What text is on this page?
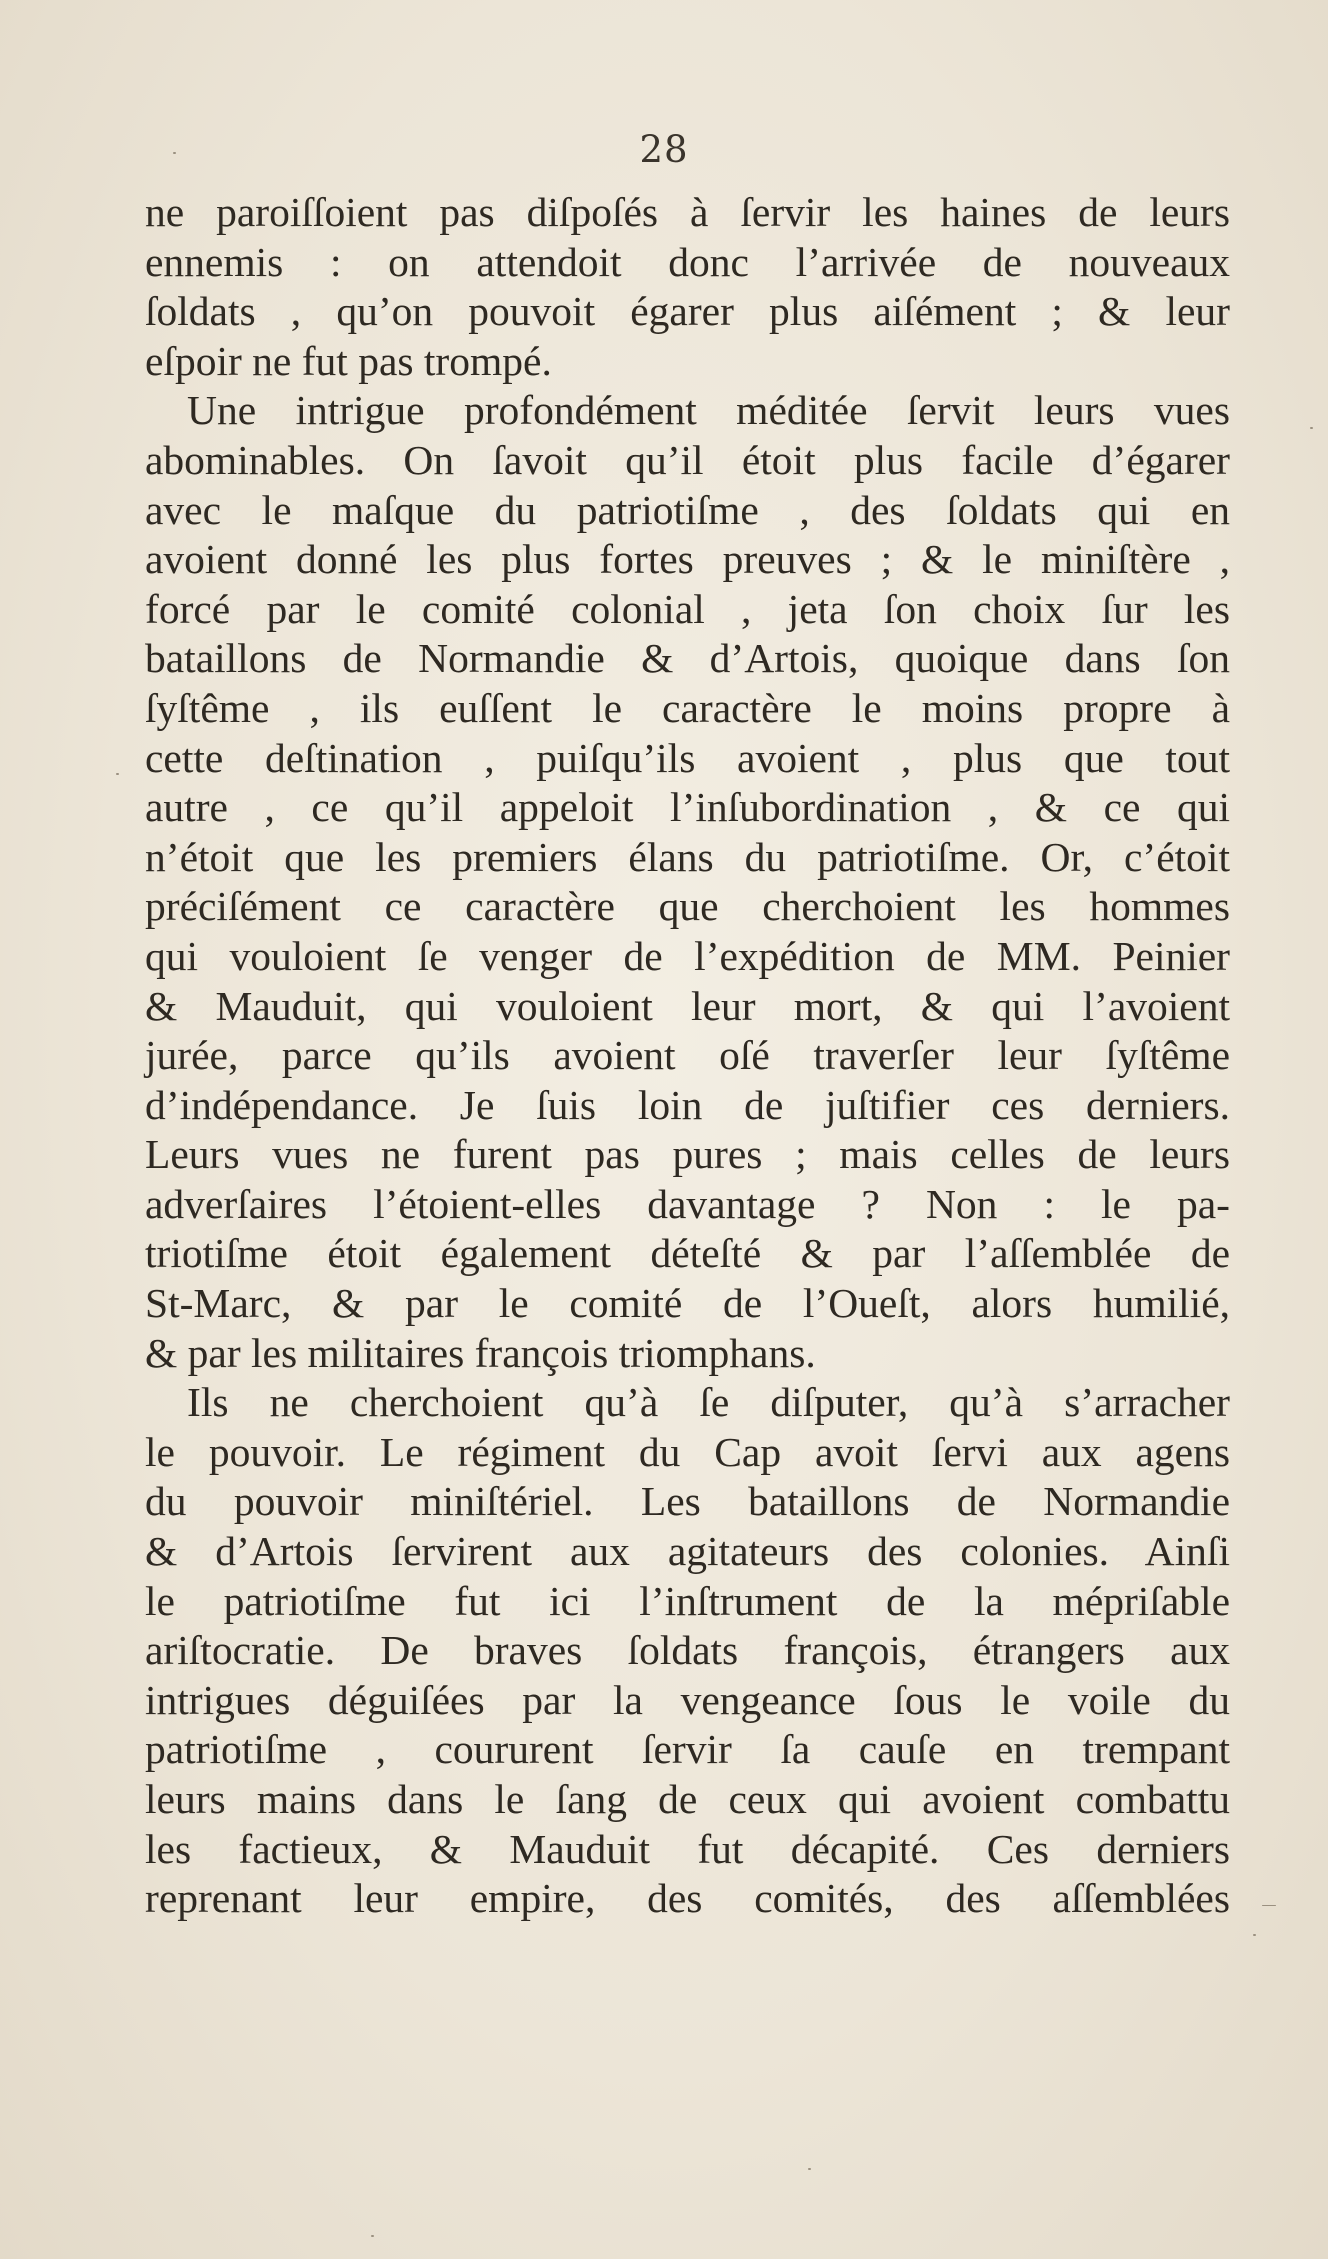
28
ne paroiſſoient pas diſpoſés à ſervir les haines de leurs
ennemis : on attendoit donc l’arrivée de nouveaux
ſoldats , qu’on pouvoit égarer plus aiſément ; & leur
eſpoir ne fut pas trompé.
Une intrigue profondément méditée ſervit leurs vues
abominables. On ſavoit qu’il étoit plus facile d’égarer
avec le maſque du patriotiſme , des ſoldats qui en
avoient donné les plus fortes preuves ; & le miniſtère ,
forcé par le comité colonial , jeta ſon choix ſur les
bataillons de Normandie & d’Artois, quoique dans ſon
ſyſtême , ils euſſent le caractère le moins propre à
cette deſtination , puiſqu’ils avoient , plus que tout
autre , ce qu’il appeloit l’inſubordination , & ce qui
n’étoit que les premiers élans du patriotiſme. Or, c’étoit
préciſément ce caractère que cherchoient les hommes
qui vouloient ſe venger de l’expédition de MM. Peinier
& Mauduit, qui vouloient leur mort, & qui l’avoient
jurée, parce qu’ils avoient oſé traverſer leur ſyſtême
d’indépendance. Je ſuis loin de juſtifier ces derniers.
Leurs vues ne furent pas pures ; mais celles de leurs
adverſaires l’étoient-elles davantage ? Non : le pa-
triotiſme étoit également déteſté & par l’aſſemblée de
St-Marc, & par le comité de l’Oueſt, alors humilié,
& par les militaires françois triomphans.
Ils ne cherchoient qu’à ſe diſputer, qu’à s’arracher
le pouvoir. Le régiment du Cap avoit ſervi aux agens
du pouvoir miniſtériel. Les bataillons de Normandie
& d’Artois ſervirent aux agitateurs des colonies. Ainſi
le patriotiſme fut ici l’inſtrument de la mépriſable
ariſtocratie. De braves ſoldats françois, étrangers aux
intrigues déguiſées par la vengeance ſous le voile du
patriotiſme , coururent ſervir ſa cauſe en trempant
leurs mains dans le ſang de ceux qui avoient combattu
les factieux, & Mauduit fut décapité. Ces derniers
reprenant leur empire, des comités, des aſſemblées
